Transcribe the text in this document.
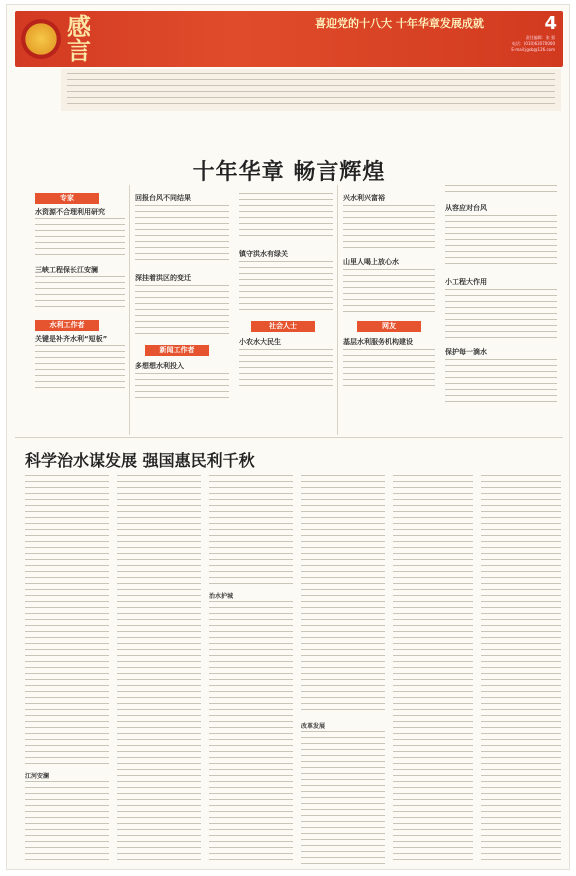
感言
喜迎党的十八大 十年华章发展成就	4
责任编辑：张 强
电话：(010)63070000
E-mail:jgsb@126.com
十年华章 畅言辉煌
专家
水资源不合理利用研究
三峡工程保长江安澜
水利工作者
关键是补齐水利“短板”
回报台风不同结果
深挂着洪区的变迁
新闻工作者
多想想水利投入
镇守洪水有绿关
社会人士
小农水大民生
兴水利兴富裕
山里人喝上放心水
网友
基层水利服务机构建设
从容应对台风
小工程大作用
保护每一滴水
科学治水谋发展 强国惠民利千秋
江河安澜
治水护城
改革发展
